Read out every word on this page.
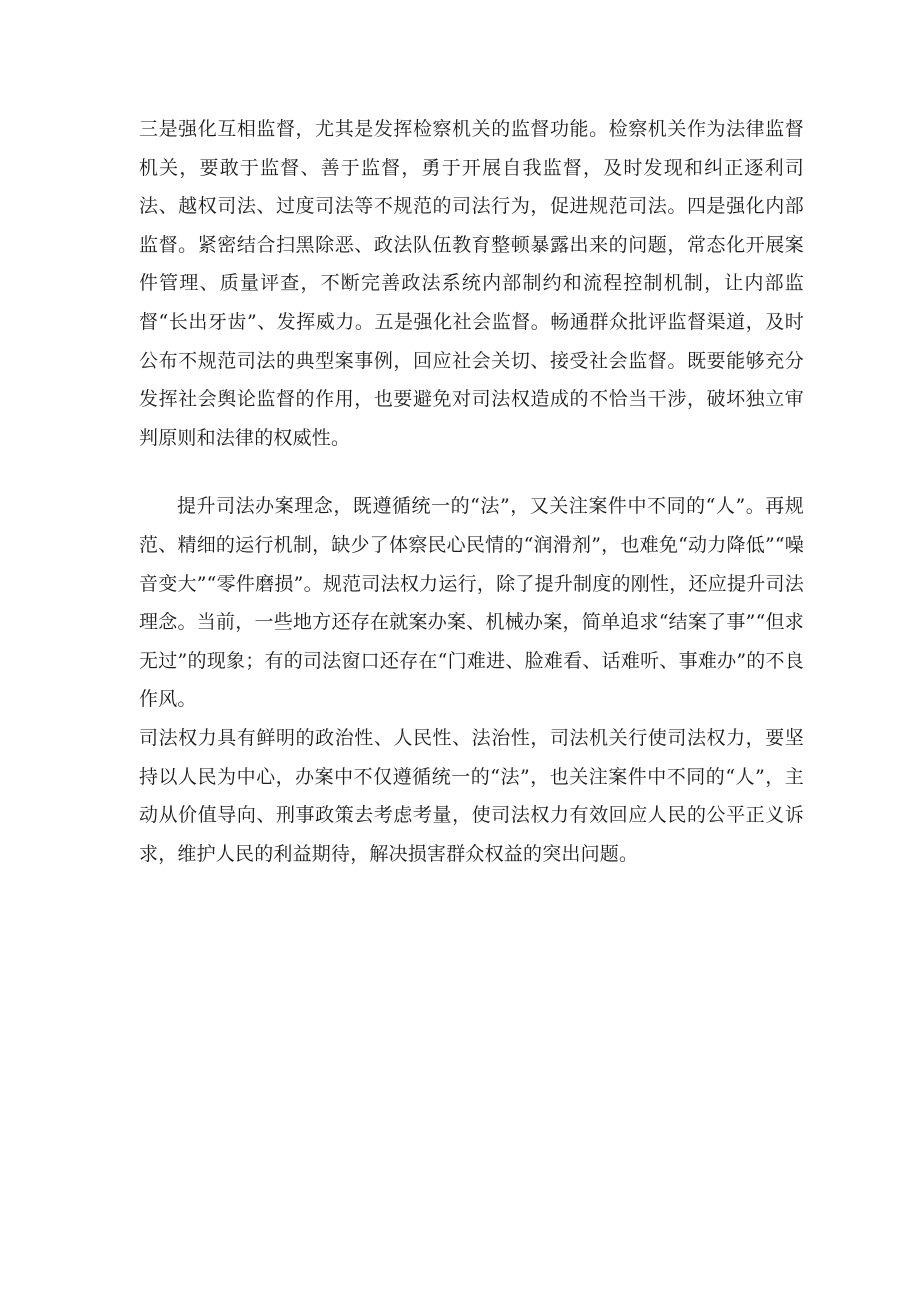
三是强化互相监督，尤其是发挥检察机关的监督功能。检察机关作为法律监督机关，要敢于监督、善于监督，勇于开展自我监督，及时发现和纠正逐利司法、越权司法、过度司法等不规范的司法行为，促进规范司法。四是强化内部监督。紧密结合扫黑除恶、政法队伍教育整顿暴露出来的问题，常态化开展案件管理、质量评查，不断完善政法系统内部制约和流程控制机制，让内部监督“长出牙齿”、发挥威力。五是强化社会监督。畅通群众批评监督渠道，及时公布不规范司法的典型案事例，回应社会关切、接受社会监督。既要能够充分发挥社会舆论监督的作用，也要避免对司法权造成的不恰当干涉，破坏独立审判原则和法律的权威性。

提升司法办案理念，既遵循统一的“法”，又关注案件中不同的“人”。再规范、精细的运行机制，缺少了体察民心民情的“润滑剂”，也难免“动力降低”“噪音变大”“零件磨损”。规范司法权力运行，除了提升制度的刚性，还应提升司法理念。当前，一些地方还存在就案办案、机械办案，简单追求“结案了事”“但求无过”的现象；有的司法窗口还存在“门难进、脸难看、话难听、事难办”的不良作风。

司法权力具有鲜明的政治性、人民性、法治性，司法机关行使司法权力，要坚持以人民为中心，办案中不仅遵循统一的“法”，也关注案件中不同的“人”，主动从价值导向、刑事政策去考虑考量，使司法权力有效回应人民的公平正义诉求，维护人民的利益期待，解决损害群众权益的突出问题。
